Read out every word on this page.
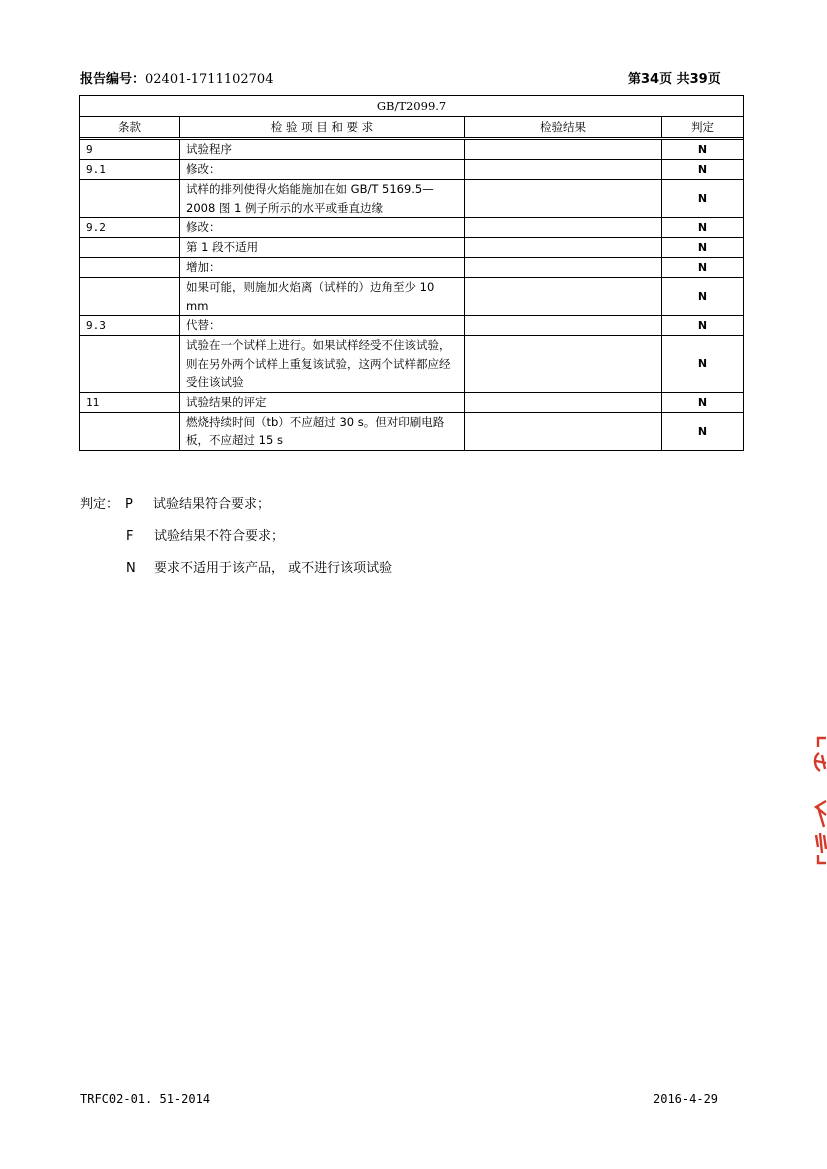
报告编号：02401-1711102704	第34页 共39页
GB/T2099.7			
条款	检 验 项 目 和 要 求	检验结果	判定

9	试验程序		N
9.1	修改：		N
	试样的排列使得火焰能施加在如 GB/T 5169.5—2008 图 1 例子所示的水平或垂直边缘		N
9.2	修改：		N
	第 1 段不适用		N
	增加：		N
	如果可能，则施加火焰离（试样的）边角至少 10 mm		N
9.3	代替：		N
	试验在一个试样上进行。如果试样经受不住该试验，则在另外两个试样上重复该试验，这两个试样都应经受住该试验		N
11	试验结果的评定		N
	燃烧持续时间（tb）不应超过 30 s。但对印刷电路板，不应超过 15 s		N
判定： P	试验结果符合要求；
F	试验结果不符合要求；
N	要求不适用于该产品， 或不进行该项试验
TRFC02-01. 51-2014	2016-4-29
